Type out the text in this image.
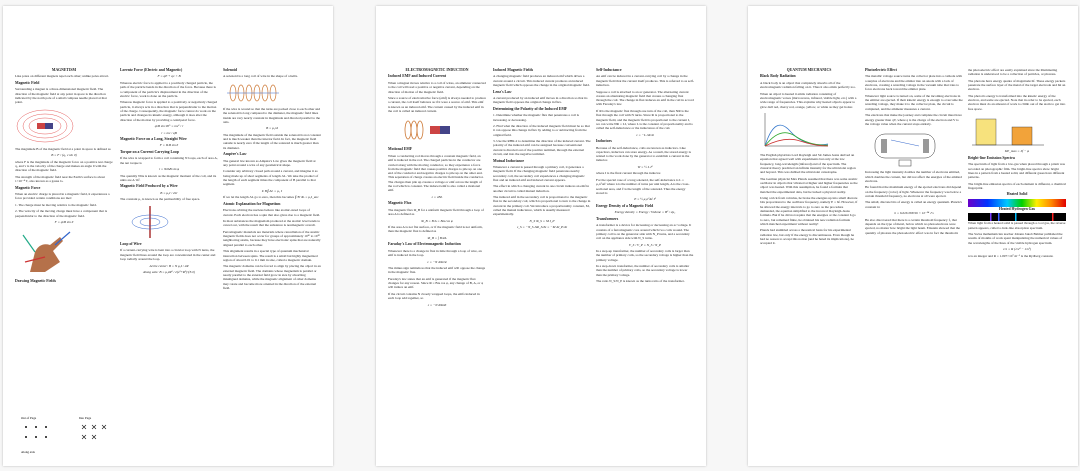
MAGNETISM

Like poles on different magnets repel each other; unlike poles attract.

Magnetic Field

Surrounding a magnet is a three-dimensional magnetic field. The direction of the magnetic field at any point in space is the direction indicated by the north pole of a small compass needle placed at that point.

The magnitude B of the magnetic field at a point in space is defined as

B = F / (q₀ v sin θ)

where F is the magnitude of the magnetic force on a positive test charge q₀ and v is the velocity of the charge and makes an angle θ with the direction of the magnetic field.

The strength of the magnetic field near the Earth's surface is about 1×10⁻⁴ T, also known as a gauss G.

Magnetic Force

When an electric charge is placed in a magnetic field, it experiences a force provided certain conditions are met:

1. The charge must be moving relative to the magnetic field.

2. The velocity of the moving charge must have a component that is perpendicular to the direction of the magnetic field.

F = qvB sin θ

Drawing Magnetic Fields

Lorentz Force (Electric and Magnetic)

F = qE + qv × B

Whereas electric force is applied to a positively charged particle, the path of the particle bends in the direction of the force. Because there is a component of the particle's displacement in the direction of the electric force, work is done on the particle.

Whereas magnetic force is applied to a positively or negatively charged particle, it always acts in a direction that is perpendicular to the motion of the charge. Consequently, the magnetic force cannot do work on the particle and changes its kinetic energy, although it does alter the direction of the motion by providing a centripetal force.

qvB sin 90° = mv² / r

r = mv / qB

Magnetic Force on a Long, Straight Wire

F = ILB sin θ

Torque on a Current Carrying Loop

If the wire is wrapped to form a coil containing N loops, each of area A, the net torque is

τ = NIAB sin φ

The quantity NIA is known as the magnetic moment of the coil, and its units are A·m².

Magnetic Field Produced by a Wire

B = μ₀I / 2πr

The constant μ₀ is known as the permeability of free space.

Loop of Wire

If a current-carrying wire is bent into a circular loop with N turns, the magnetic field lines around the loop are concentrated in the center and loop radially around the loop.

At the center: B = N μ₀I / 2R

Along axis: B = μ₀IR² / 2(x²+R²)^(3/2)

Solenoid

A solenoid is a long coil of wire in the shape of a helix.

If the wire is wound so that the turns are packed close to each other and the solenoid is long compared to the diameter, the magnetic field lines inside are very nearly constant in magnitude and directed parallel to the axis.

B = μ₀nI

The magnitude of the magnetic field outside the solenoid is not constant and is much weaker than the interior field. In fact, the magnetic field outside is nearly zero if the length of the solenoid is much greater than its diameter.

Ampère's Law

The general law known as Ampère's Law gives the magnetic field at any point around a wire of any geometrical shape.

Consider any arbitrary closed path around a current, and imagine it as being made up of short segments of length ΔL. We take the product of the length of each segment times the component of B parallel to that segment.

Σ B∥ ΔL = μ₀ I

If we let the length ΔL go to zero, then this becomes ∮ B·dL = μ₀I_enc

Atomic Explanation for Magnetism

Electrons orbiting the nucleus behave like atomic-sized loops of current. Each electron has a spin that also gives rise to a magnetic field.

In most substances the magnetism produced at the atomic level tends to cancel out, with the result that the substance is nonmagnetic overall.

Ferromagnetic materials are materials where cancellation of the atomic magnetic fields does not occur for groups of approximately 10¹⁶ to 10¹⁹ neighboring atoms, because they have electronic spins that are naturally aligned parallel to each other.

This alignment results in a special type of quantum mechanical interaction between spins. The result is a small but highly magnetized region of about 0.01 to 0.1 mm in size, called a magnetic domain.

The magnetic domains can be forced to align by placing the object in an external magnetic field. The domains whose magnetism is parallel or nearly parallel to the external field grow in size by absorbing misaligned domains, while the magnetic alignment of other domains may rotate and become more oriented in the direction of the external field.

Out of Page	Into Page
Along axis

ELECTROMAGNETIC INDUCTION

Induced EMF and Induced Current

When a magnet moves relative to a coil of wires, an ammeter connected to the coil will read a positive or negative current, depending on the direction of motion of the magnetic field.

Since a source of electromotive force (emf) is always needed to produce a current, the coil itself behaves as if it were a source of emf. This emf is known as an induced emf. The current caused by the induced emf in the coil is called an induced current.

Motional EMF

When a conducting rod moves through a constant magnetic field, an emf is induced in the rod. The charged particles in the conductor are carried along with the moving conductor, so they experience a force from the magnetic field that causes positive charges to pile up on one end of the conductor and negative charges to pile up on the other end. This separation of charge creates an electric field inside the conductor. The charges then pile up creates a voltage or emf across the length of the rod which is constant. The induced emf is also called a motional emf.

ε = vBL

Magnetic Flux

The magnetic flux Φ_B for a uniform magnetic field through a loop of area A is defined as

Φ_B = B·A = BA cos φ

If the area A is not flat surface, or if the magnetic field is not uniform, then the magnetic flux is defined as

Φ_B = ∫ B·dA

Faraday's Law of Electromagnetic Induction

Whenever there is a change in flux in time through a loop of wire, an emf is induced in the loop.

ε = −N ΔΦ/Δt

The minus sign reminds us that the induced emf will oppose the change in the magnetic flux.

Faraday's law states that an emf is generated if the magnetic flux changes for any reason. Since Φ = BA cos φ, any change of B, A, or φ will induce an emf.

If the circuit contains N closely wrapped loops, the emfs induced in each loop add together, so

ε = −N dΦ/dt

Induced Magnetic Fields

A changing magnetic field produces an induced emf which drives a current around a circuit. This induced current produces an induced magnetic field which opposes the change in the original magnetic field.

Lenz's Law

A current produced by an induced emf moves in a direction so that its magnetic field opposes the original change in flux.

Determining the Polarity of the Induced EMF

1. Determine whether the magnetic flux that penetrates a coil is increasing or decreasing.

2. Find what the direction of the induced magnetic field must be so that it can oppose this change in flux by adding to or subtracting from the original field.

3. Use the RHR-2 to determine the direction of the induced current. The polarity of the induced emf can be assigned because conventional current is directed out of the positive terminal, through the external circuit, and into the negative terminal.

Mutual Inductance

Whenever a current is passed through a primary coil, it generates a magnetic field. If the changing magnetic field penetrates nearby secondary coil, the secondary coil experiences a changing magnetic flux and an induced emf and induced current appears.

The effect in which a changing current in one circuit induces an emf in another circuit is called mutual induction.

The induced emf in the secondary coil is proportional to the magnetic flux in the secondary coil, which is proportional to turn to the change in current in the primary coil. We introduce a proportionality constant, M, called the mutual inductance, which is usually measured experimentally.

N_S Φ_S = M I_P

ε_S = −N_S ΔΦ_S/Δt = −M ΔI_P/Δt

Self-Inductance

An emf can be induced in a current-carrying coil by a change in the magnetic field that the current itself produces. This is referred to as self-induction.

Suppose a coil is attached to an ac generator. The alternating current creates an alternating magnetic field that creates a changing flux through the coil. The change in flux induces an emf in the coil in accord with Faraday's law.

If Φ is the magnetic flux through one turn of the coil, then NΦ is the flux through the coil with N turns. Since Φ is proportional to the magnetic field, and the magnetic field is proportional to the current I, we can write NΦ = LI, where L is the constant of proportionality and is called the self-inductance or the inductance of the coil.

ε = −L ΔI/Δt

Inductors

Because of the self-inductance, coils are known as inductors. Like capacitors, inductors can store energy. As a result, the stored energy is related to the work done by the generator to establish a current in the inductor.

W = ½ L I²

where I is the final current through the inductor.

For the special case of a long solenoid, the self-inductance is L = μ₀n²Aℓ where n is the number of turns per unit length, A is the cross-sectional area, and ℓ is the length of the solenoid. Thus the energy stored is

E = ½ μ₀n²Aℓ I²

Energy Density of a Magnetic Field

Energy density = Energy / Volume = B² / 2μ₀

Transformers

A transformer is a device for increasing or decreasing an ac voltage. It consists of a ferromagnetic core around which two coils wound. The primary coil is on the generator side with N_P turns, and a secondary coil on the appliance side with N_S turns.

V_S / V_P = N_S / N_P

In a step-up transformer, the number of secondary coils is larger than the number of primary coils, so the secondary voltage is higher than the primary voltage.

In a step-down transformer, the number of secondary coils is smaller than the number of primary coils, so the secondary voltage is lower than the primary voltage.

The ratio N_S/N_P is known as the turns ratio of the transformer.

QUANTUM MECHANICS

Black Body Radiation

A black body is an object that completely absorbs all of the electromagnetic radiation falling on it. Thus it also emits perfectly too.

When an object is heated it emits radiation consisting of electromagnetic waves (microwaves, infrared, visible light, etc.) with a wide range of frequencies. This explains why heated objects appear to glow dull red, cherry red, orange, yellow, or white as they get hotter.

The English physicists Lord Rayleigh and Sir James Jeans derived an equation that agreed well with experiments but only at the low frequency, long-wavelength (infrared) end of the spectrum. The classical theory predicted an infinite intensity for the ultraviolet region and beyond. This was dubbed the ultraviolet catastrophe.

The German physicist Max Planck assumed that there was some atomic oscillator in objects that vibrated at higher and higher frequencies as the object was heated. With this assumption, he found a formula that matched the experimental data, but he lacked a physical reality.

Using a trick from calculus, he broke the energies up into small discrete bits proportional to the oscillator frequency, namely E = hf. However, if he allowed the energy intervals to go to zero as the procedure demanded, the equation simplified to the incorrect Rayleigh-Jeans formula. But if he did not require that the energies or the constant h go to zero, but remained finite, he obtained his new radiation formula which matched experiment without reality!

Planck had stumbled across a theoretical basis for his experimental radiation law, but only if the energy is discontinuous. Even though he had no reason to accept this notion (and he hated its implications), he accepted it.

Photoelectric Effect

The metallic voltage source turns the collector plate into a cathode with a surplus of electrons and the emitter into an anode with a lack of electrons, creating a retarding voltage in the vacuum tube that tries to force electrons back toward the emitter plate.

Whenever light source is turned on, some of the incoming electrons in the emitter are ejected. If their kinetic energy is enough to overcome the retarding voltage, they make it to the collector plate, the circuit is completed, and the ammeter measures a current.

The electrons that make the journey and complete the circuit must have energy greater than qV, where q is the charge of the electron and V is the voltage value when the current stops entirely.

Increasing the light intensity doubles the number of electrons emitted, which doubles the current, but did not affect the energies of the emitted electrons.

He found that the maximum energy of the ejected electrons did depend on the frequency (color) of light. Whenever the frequency was below a certain threshold frequency, no electrons at all were ejected.

The small, discrete bits of energy is called an energy quantum. Planck's constant is:

h = 6.626 068 96 × 10⁻³⁴ J·s

He also discovered that there is a certain threshold frequency f₀ that depends on the type of metal, below which no photoelectrons were ejected, no matter how bright the light beam. Einstein showed that the quantity of photons the photoelectric effect was in fact the threshold.

the photoelectric effect are easily explained since the illuminating radiation is understood to be a collection of particles, or photons.

The photons have energy quanta of magnitude hf. These energy packets penetrate the surface layer of the metal of the target electrode and hit an electron.

The photon's energy is transformed into the kinetic energy of the electron, and some are ejected. Note that in order to be ejected, each electron must do an amount of work to climb out of the atom to get into free space.

KE_max = hf − φ

Bright-line Emission Spectra

The spectrum of light from a low-gas when placed through a prism was recorded on photographic film. The bright-line spectra show bright lines in a pattern from a heated solid, and different gases have different patterns.

The bright-line emission spectra of each element is different, a chemical fingerprint.

Heated Solid

Heated Hydrogen Gas

When light from a heated solid is passed through a cool gas, the reverse pattern appears, called a dark-line absorption spectrum.

The Swiss mathematician teacher Johann Jakob Balmer published the results of months of work spent manipulating the numerical values of the wavelengths of the lines of the visible hydrogen spectrum.

1/λ = R (1/2² − 1/n²)

n is an integer and R = 1.097×10⁷ m⁻¹ is the Rydberg constant.
